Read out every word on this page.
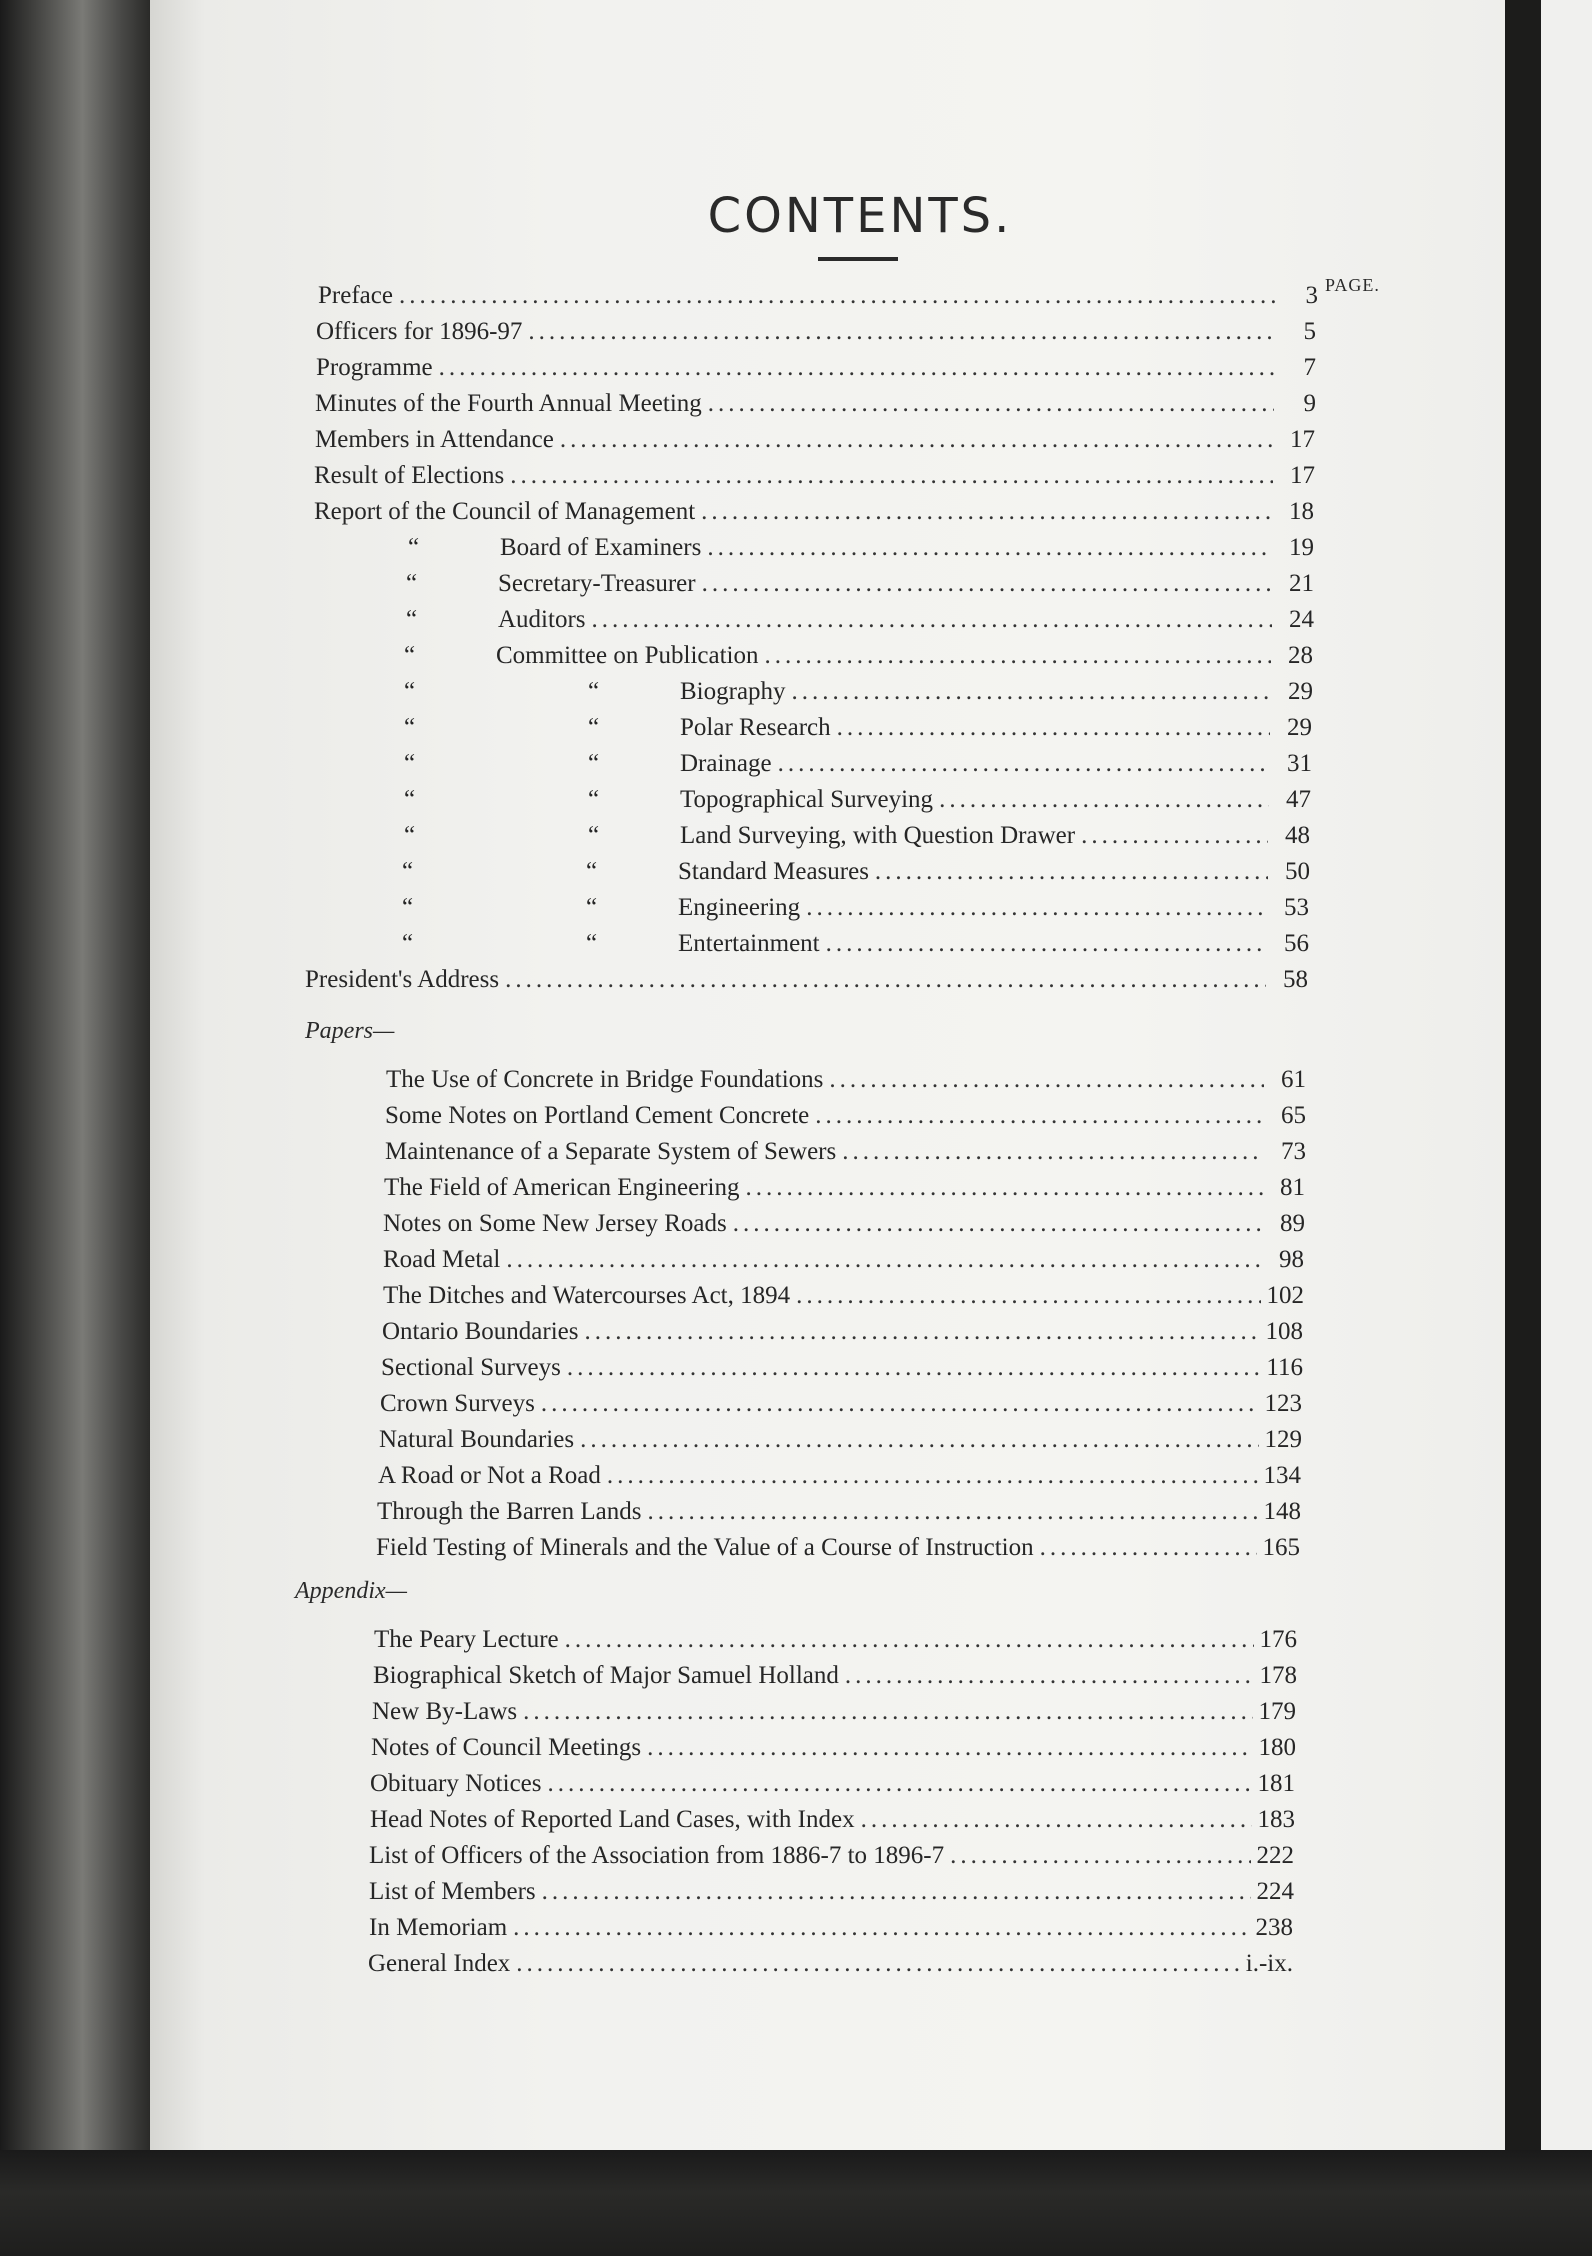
CONTENTS.
PAGE.
Papers—
Appendix—
Preface .....	3
Officers for 1896-97 .....	5
Programme .....	7
Minutes of the Fourth Annual Meeting .....	9
Members in Attendance .....	17
Result of Elections .....	17
Report of the Council of Management .....	18
“	Board of Examiners .....	19
“	Secretary-Treasurer .....	21
“	Auditors .....	24
“	Committee on Publication .....	28
“	“	Biography .....	29
“	“	Polar Research .....	29
“	“	Drainage .....	31
“	“	Topographical Surveying .....	47
“	“	Land Surveying, with Question Drawer .....	48
“	“	Standard Measures .....	50
“	“	Engineering .....	53
“	“	Entertainment .....	56
President's Address .....	58
The Use of Concrete in Bridge Foundations .....	61
Some Notes on Portland Cement Concrete .....	65
Maintenance of a Separate System of Sewers .....	73
The Field of American Engineering .....	81
Notes on Some New Jersey Roads .....	89
Road Metal .....	98
The Ditches and Watercourses Act, 1894 .....	102
Ontario Boundaries .....	108
Sectional Surveys .....	116
Crown Surveys .....	123
Natural Boundaries .....	129
A Road or Not a Road .....	134
Through the Barren Lands .....	148
Field Testing of Minerals and the Value of a Course of Instruction .....	165
The Peary Lecture .....	176
Biographical Sketch of Major Samuel Holland .....	178
New By-Laws .....	179
Notes of Council Meetings .....	180
Obituary Notices .....	181
Head Notes of Reported Land Cases, with Index .....	183
List of Officers of the Association from 1886-7 to 1896-7 .....	222
List of Members .....	224
In Memoriam .....	238
General Index .....	i.-ix.
